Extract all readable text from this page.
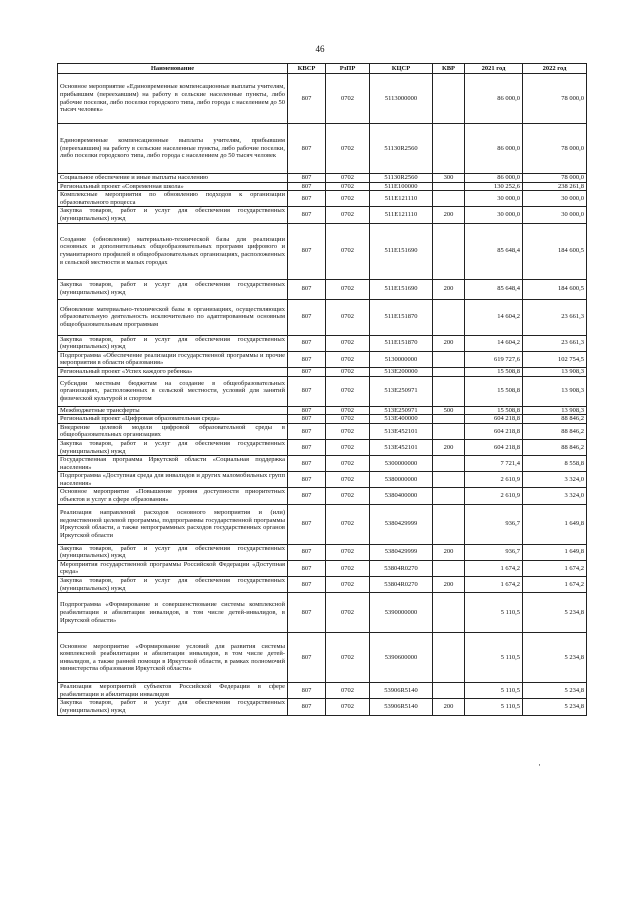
46
Наименование	КВСР	РзПР	КЦСР	КВР	2021 год	2022 год
Основное мероприятие «Единовременные компенсационные выплаты учителям, прибывшим (переехавшим) на работу в сельские населенные пункты, либо рабочие поселки, либо поселки городского типа, либо города с населением до 50 тысяч человек»	807	0702	5113000000		86 000,0	78 000,0
Единовременные компенсационные выплаты учителям, прибывшим (переехавшим) на работу в сельские населенные пункты, либо рабочие поселки, либо поселки городского типа, либо города с населением до 50 тысяч человек	807	0702	51130R2560		86 000,0	78 000,0
Социальное обеспечение и иные выплаты населению	807	0702	51130R2560	300	86 000,0	78 000,0
Региональный проект «Современная школа»	807	0702	511E100000		130 252,6	238 261,8
Комплексные мероприятия по обновлению подходов к организации образовательного процесса	807	0702	511E121110		30 000,0	30 000,0
Закупка товаров, работ и услуг для обеспечения государственных (муниципальных) нужд	807	0702	511E121110	200	30 000,0	30 000,0
Создание (обновление) материально-технической базы для реализации основных и дополнительных общеобразовательных программ цифрового и гуманитарного профилей в общеобразовательных организациях, расположенных в сельской местности и малых городах	807	0702	511E151690		85 648,4	184 600,5
Закупка товаров, работ и услуг для обеспечения государственных (муниципальных) нужд	807	0702	511E151690	200	85 648,4	184 600,5
Обновление материально-технической базы в организациях, осуществляющих образовательную деятельность исключительно по адаптированным основным общеобразовательным программам	807	0702	511E151870		14 604,2	23 661,3
Закупка товаров, работ и услуг для обеспечения государственных (муниципальных) нужд	807	0702	511E151870	200	14 604,2	23 661,3
Подпрограмма «Обеспечение реализации государственной программы и прочие мероприятия в области образования»	807	0702	5130000000		619 727,6	102 754,5
Региональный проект «Успех каждого ребенка»	807	0702	513E200000		15 508,8	13 908,3
Субсидии местным бюджетам на создание в общеобразовательных организациях, расположенных в сельской местности, условий для занятий физической культурой и спортом	807	0702	513E250971		15 508,8	13 908,3
Межбюджетные трансферты	807	0702	513E250971	500	15 508,8	13 908,3
Региональный проект «Цифровая образовательная среда»	807	0702	513E400000		604 218,8	88 846,2
Внедрение целевой модели цифровой образовательной среды в общеобразовательных организациях	807	0702	513E452101		604 218,8	88 846,2
Закупка товаров, работ и услуг для обеспечения государственных (муниципальных) нужд	807	0702	513E452101	200	604 218,8	88 846,2
Государственная программа Иркутской области «Социальная поддержка населения»	807	0702	5300000000		7 721,4	8 558,8
Подпрограмма «Доступная среда для инвалидов и других маломобильных групп населения»	807	0702	5380000000		2 610,9	3 324,0
Основное мероприятие «Повышение уровня доступности приоритетных объектов и услуг в сфере образования»	807	0702	5380400000		2 610,9	3 324,0
Реализация направлений расходов основного мероприятия и (или) ведомственной целевой программы, подпрограммы государственной программы Иркутской области, а также непрограммных расходов государственных органов Иркутской области	807	0702	5380429999		936,7	1 649,8
Закупка товаров, работ и услуг для обеспечения государственных (муниципальных) нужд	807	0702	5380429999	200	936,7	1 649,8
Мероприятия государственной программы Российской Федерации «Доступная среда»	807	0702	53804R0270		1 674,2	1 674,2
Закупка товаров, работ и услуг для обеспечения государственных (муниципальных) нужд	807	0702	53804R0270	200	1 674,2	1 674,2
Подпрограмма «Формирование и совершенствование системы комплексной реабилитации и абилитации инвалидов, в том числе детей-инвалидов, в Иркутской области»	807	0702	5390000000		5 110,5	5 234,8
Основное мероприятие «Формирование условий для развития системы комплексной реабилитации и абилитации инвалидов, в том числе детей-инвалидов, а также ранней помощи в Иркутской области, в рамках полномочий министерства образования Иркутской области»	807	0702	5390600000		5 110,5	5 234,8
Реализация мероприятий субъектов Российской Федерации в сфере реабилитации и абилитации инвалидов	807	0702	53906R5140		5 110,5	5 234,8
Закупка товаров, работ и услуг для обеспечения государственных (муниципальных) нужд	807	0702	53906R5140	200	5 110,5	5 234,8
·
